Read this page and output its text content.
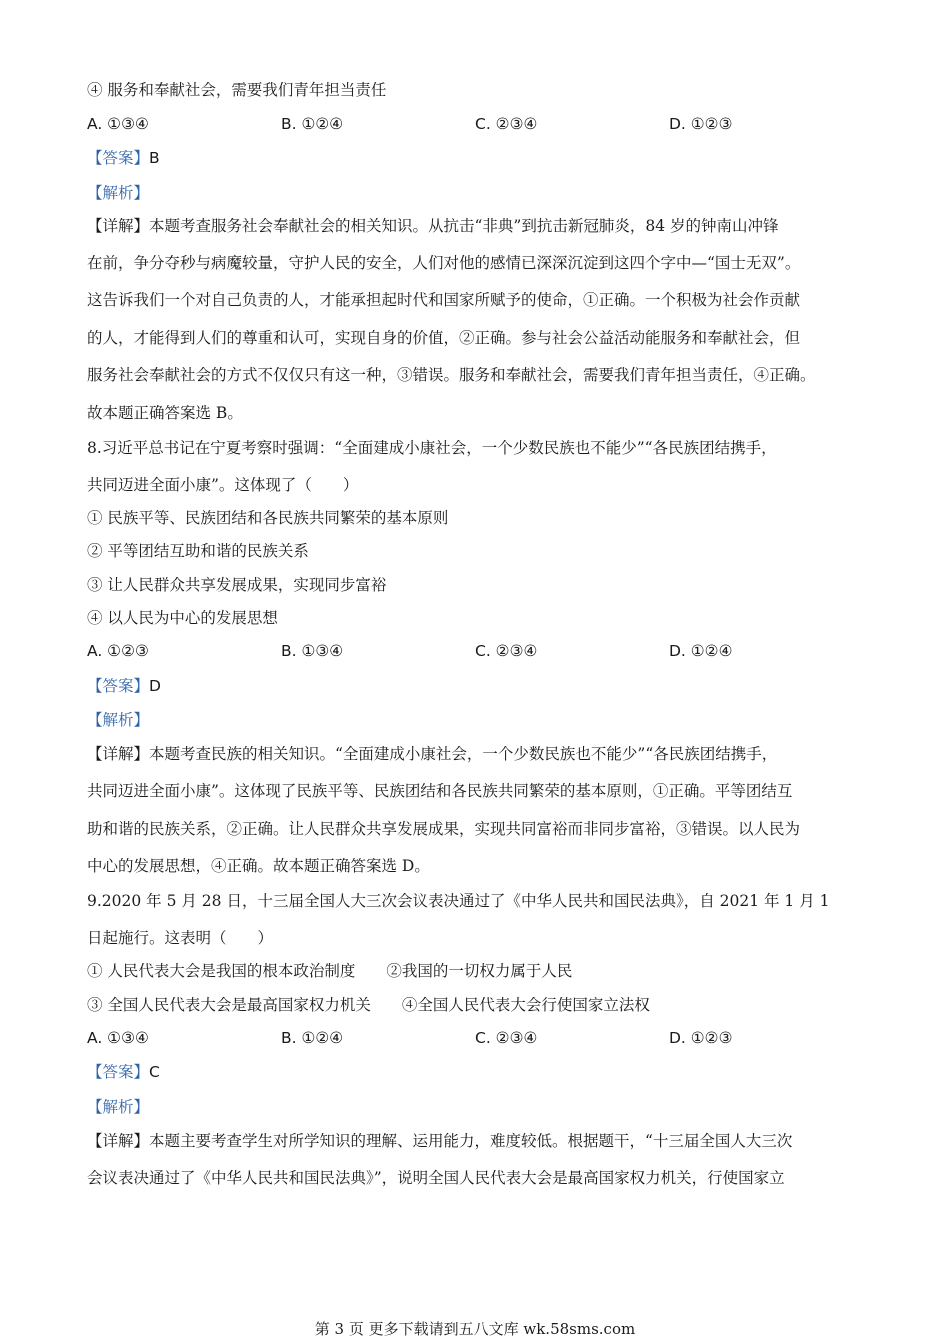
④ 服务和奉献社会，需要我们青年担当责任
A. ①③④	B. ①②④	C. ②③④	D. ①②③
【答案】B
【解析】
【详解】本题考查服务社会奉献社会的相关知识。从抗击“非典”到抗击新冠肺炎，84 岁的钟南山冲锋
在前，争分夺秒与病魔较量，守护人民的安全，人们对他的感情已深深沉淀到这四个字中—“国士无双”。
这告诉我们一个对自己负责的人，才能承担起时代和国家所赋予的使命，①正确。一个积极为社会作贡献
的人，才能得到人们的尊重和认可，实现自身的价值，②正确。参与社会公益活动能服务和奉献社会，但
服务社会奉献社会的方式不仅仅只有这一种，③错误。服务和奉献社会，需要我们青年担当责任，④正确。
故本题正确答案选 B。
8.习近平总书记在宁夏考察时强调：“全面建成小康社会，一个少数民族也不能少”“各民族团结携手，
共同迈进全面小康”。这体现了（　　）
① 民族平等、民族团结和各民族共同繁荣的基本原则
② 平等团结互助和谐的民族关系
③ 让人民群众共享发展成果，实现同步富裕
④ 以人民为中心的发展思想
A. ①②③	B. ①③④	C. ②③④	D. ①②④
【答案】D
【解析】
【详解】本题考查民族的相关知识。“全面建成小康社会，一个少数民族也不能少”“各民族团结携手，
共同迈进全面小康”。这体现了民族平等、民族团结和各民族共同繁荣的基本原则，①正确。平等团结互
助和谐的民族关系，②正确。让人民群众共享发展成果，实现共同富裕而非同步富裕，③错误。以人民为
中心的发展思想，④正确。故本题正确答案选 D。
9.2020 年 5 月 28 日，十三届全国人大三次会议表决通过了《中华人民共和国民法典》，自 2021 年 1 月 1
日起施行。这表明（　　）
① 人民代表大会是我国的根本政治制度　　②我国的一切权力属于人民
③ 全国人民代表大会是最高国家权力机关　　④全国人民代表大会行使国家立法权
A. ①③④	B. ①②④	C. ②③④	D. ①②③
【答案】C
【解析】
【详解】本题主要考查学生对所学知识的理解、运用能力，难度较低。根据题干，“十三届全国人大三次
会议表决通过了《中华人民共和国民法典》”，说明全国人民代表大会是最高国家权力机关，行使国家立
第 3 页 更多下载请到五八文库 wk.58sms.com
